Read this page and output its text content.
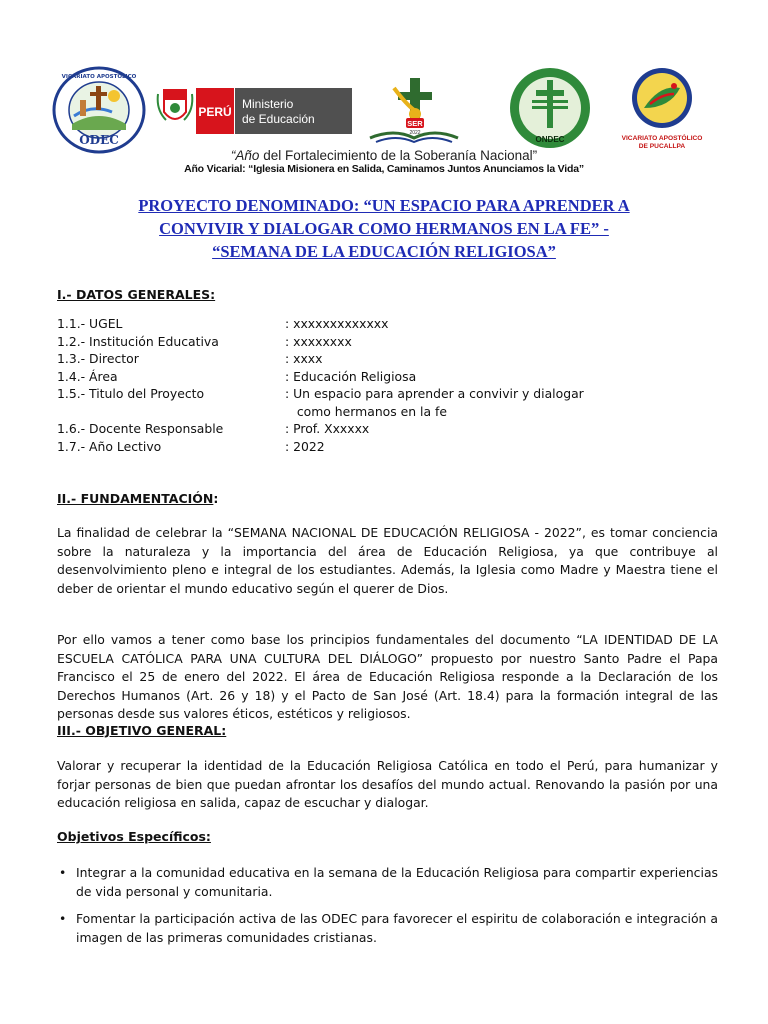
VICARIATO APOSTÓLICO
ODEC
PERÚ
Ministerio
de Educación	SER
2022
ONDEC	VICARIATO APOSTÓLICO
DE PUCALLPA
“Año del Fortalecimiento de la Soberanía Nacional”
Año Vicarial: “Iglesia Misionera en Salida, Caminamos Juntos Anunciamos la Vida”
PROYECTO DENOMINADO: “UN ESPACIO PARA APRENDER A
CONVIVIR Y DIALOGAR COMO HERMANOS EN LA FE” -
“SEMANA DE LA EDUCACIÓN RELIGIOSA”
I.- DATOS GENERALES:
1.1.- UGEL	: xxxxxxxxxxxxx
1.2.- Institución Educativa	: xxxxxxxx
1.3.- Director	: xxxx
1.4.- Área	: Educación Religiosa
1.5.- Titulo del Proyecto	: Un espacio para aprender a convivir y dialogar
como hermanos en la fe
1.6.- Docente Responsable	: Prof. Xxxxxx
1.7.- Año Lectivo	: 2022
II.- FUNDAMENTACIÓN:
La finalidad de celebrar la “SEMANA NACIONAL DE EDUCACIÓN RELIGIOSA - 2022”, es tomar conciencia sobre la naturaleza y la importancia del área de Educación Religiosa, ya que contribuye al desenvolvimiento pleno e integral de los estudiantes. Además, la Iglesia como Madre y Maestra tiene el deber de orientar el mundo educativo según el querer de Dios.
Por ello vamos a tener como base los principios fundamentales del documento “LA IDENTIDAD DE LA ESCUELA CATÓLICA PARA UNA CULTURA DEL DIÁLOGO” propuesto por nuestro Santo Padre el Papa Francisco el 25 de enero del 2022. El área de Educación Religiosa responde a la Declaración de los Derechos Humanos (Art. 26 y 18) y el Pacto de San José (Art. 18.4) para la formación integral de las personas desde sus valores éticos, estéticos y religiosos.
III.- OBJETIVO GENERAL:
Valorar y recuperar la identidad de la Educación Religiosa Católica en todo el Perú, para humanizar y forjar personas de bien que puedan afrontar los desafíos del mundo actual. Renovando la pasión por una educación religiosa en salida, capaz de escuchar y dialogar.
Objetivos Específicos:
• Integrar a la comunidad educativa en la semana de la Educación Religiosa para compartir experiencias de vida personal y comunitaria.
• Fomentar la participación activa de las ODEC para favorecer el espiritu de colaboración e integración a imagen de las primeras comunidades cristianas.
